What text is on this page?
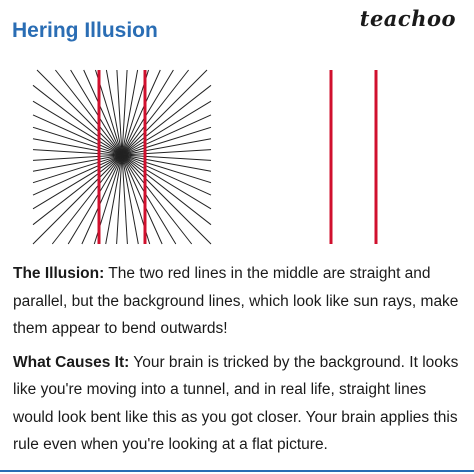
Hering Illusion	teachoo

The Illusion: The two red lines in the middle are straight and parallel, but the background lines, which look like sun rays, make them appear to bend outwards!

What Causes It: Your brain is tricked by the background. It looks like you're moving into a tunnel, and in real life, straight lines would look bent like this as you got closer. Your brain applies this rule even when you're looking at a flat picture.
